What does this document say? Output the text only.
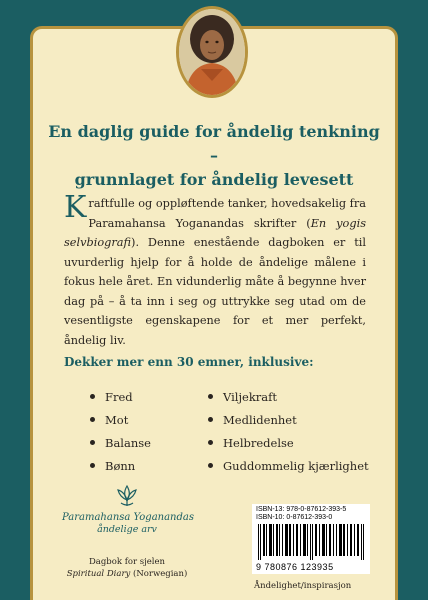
En daglig guide for åndelig tenkning –
grunnlaget for åndelig levesett

Kraftfulle og oppløftende tanker, hovedsakelig fra Paramahansa Yoganandas skrifter (En yogis selvbiografi). Denne enestående dagboken er til uvurderlig hjelp for å holde de åndelige målene i fokus hele året. En vidunderlig måte å begynne hver dag på – å ta inn i seg og uttrykke seg utad om de vesentligste egenskapene for et mer perfekt, åndelig liv.

Dekker mer enn 30 emner, inklusive:

Fred
Mot
Balanse
Bønn
Viljekraft
Medlidenhet
Helbredelse
Guddommelig kjærlighet
Paramahansa Yoganandas
åndelige arv
Dagbok for sjelen
Spiritual Diary (Norwegian)
ISBN-13: 978-0-87612-393-5
ISBN-10: 0-87612-393-0
9 780876 123935
Åndelighet/inspirasjon
